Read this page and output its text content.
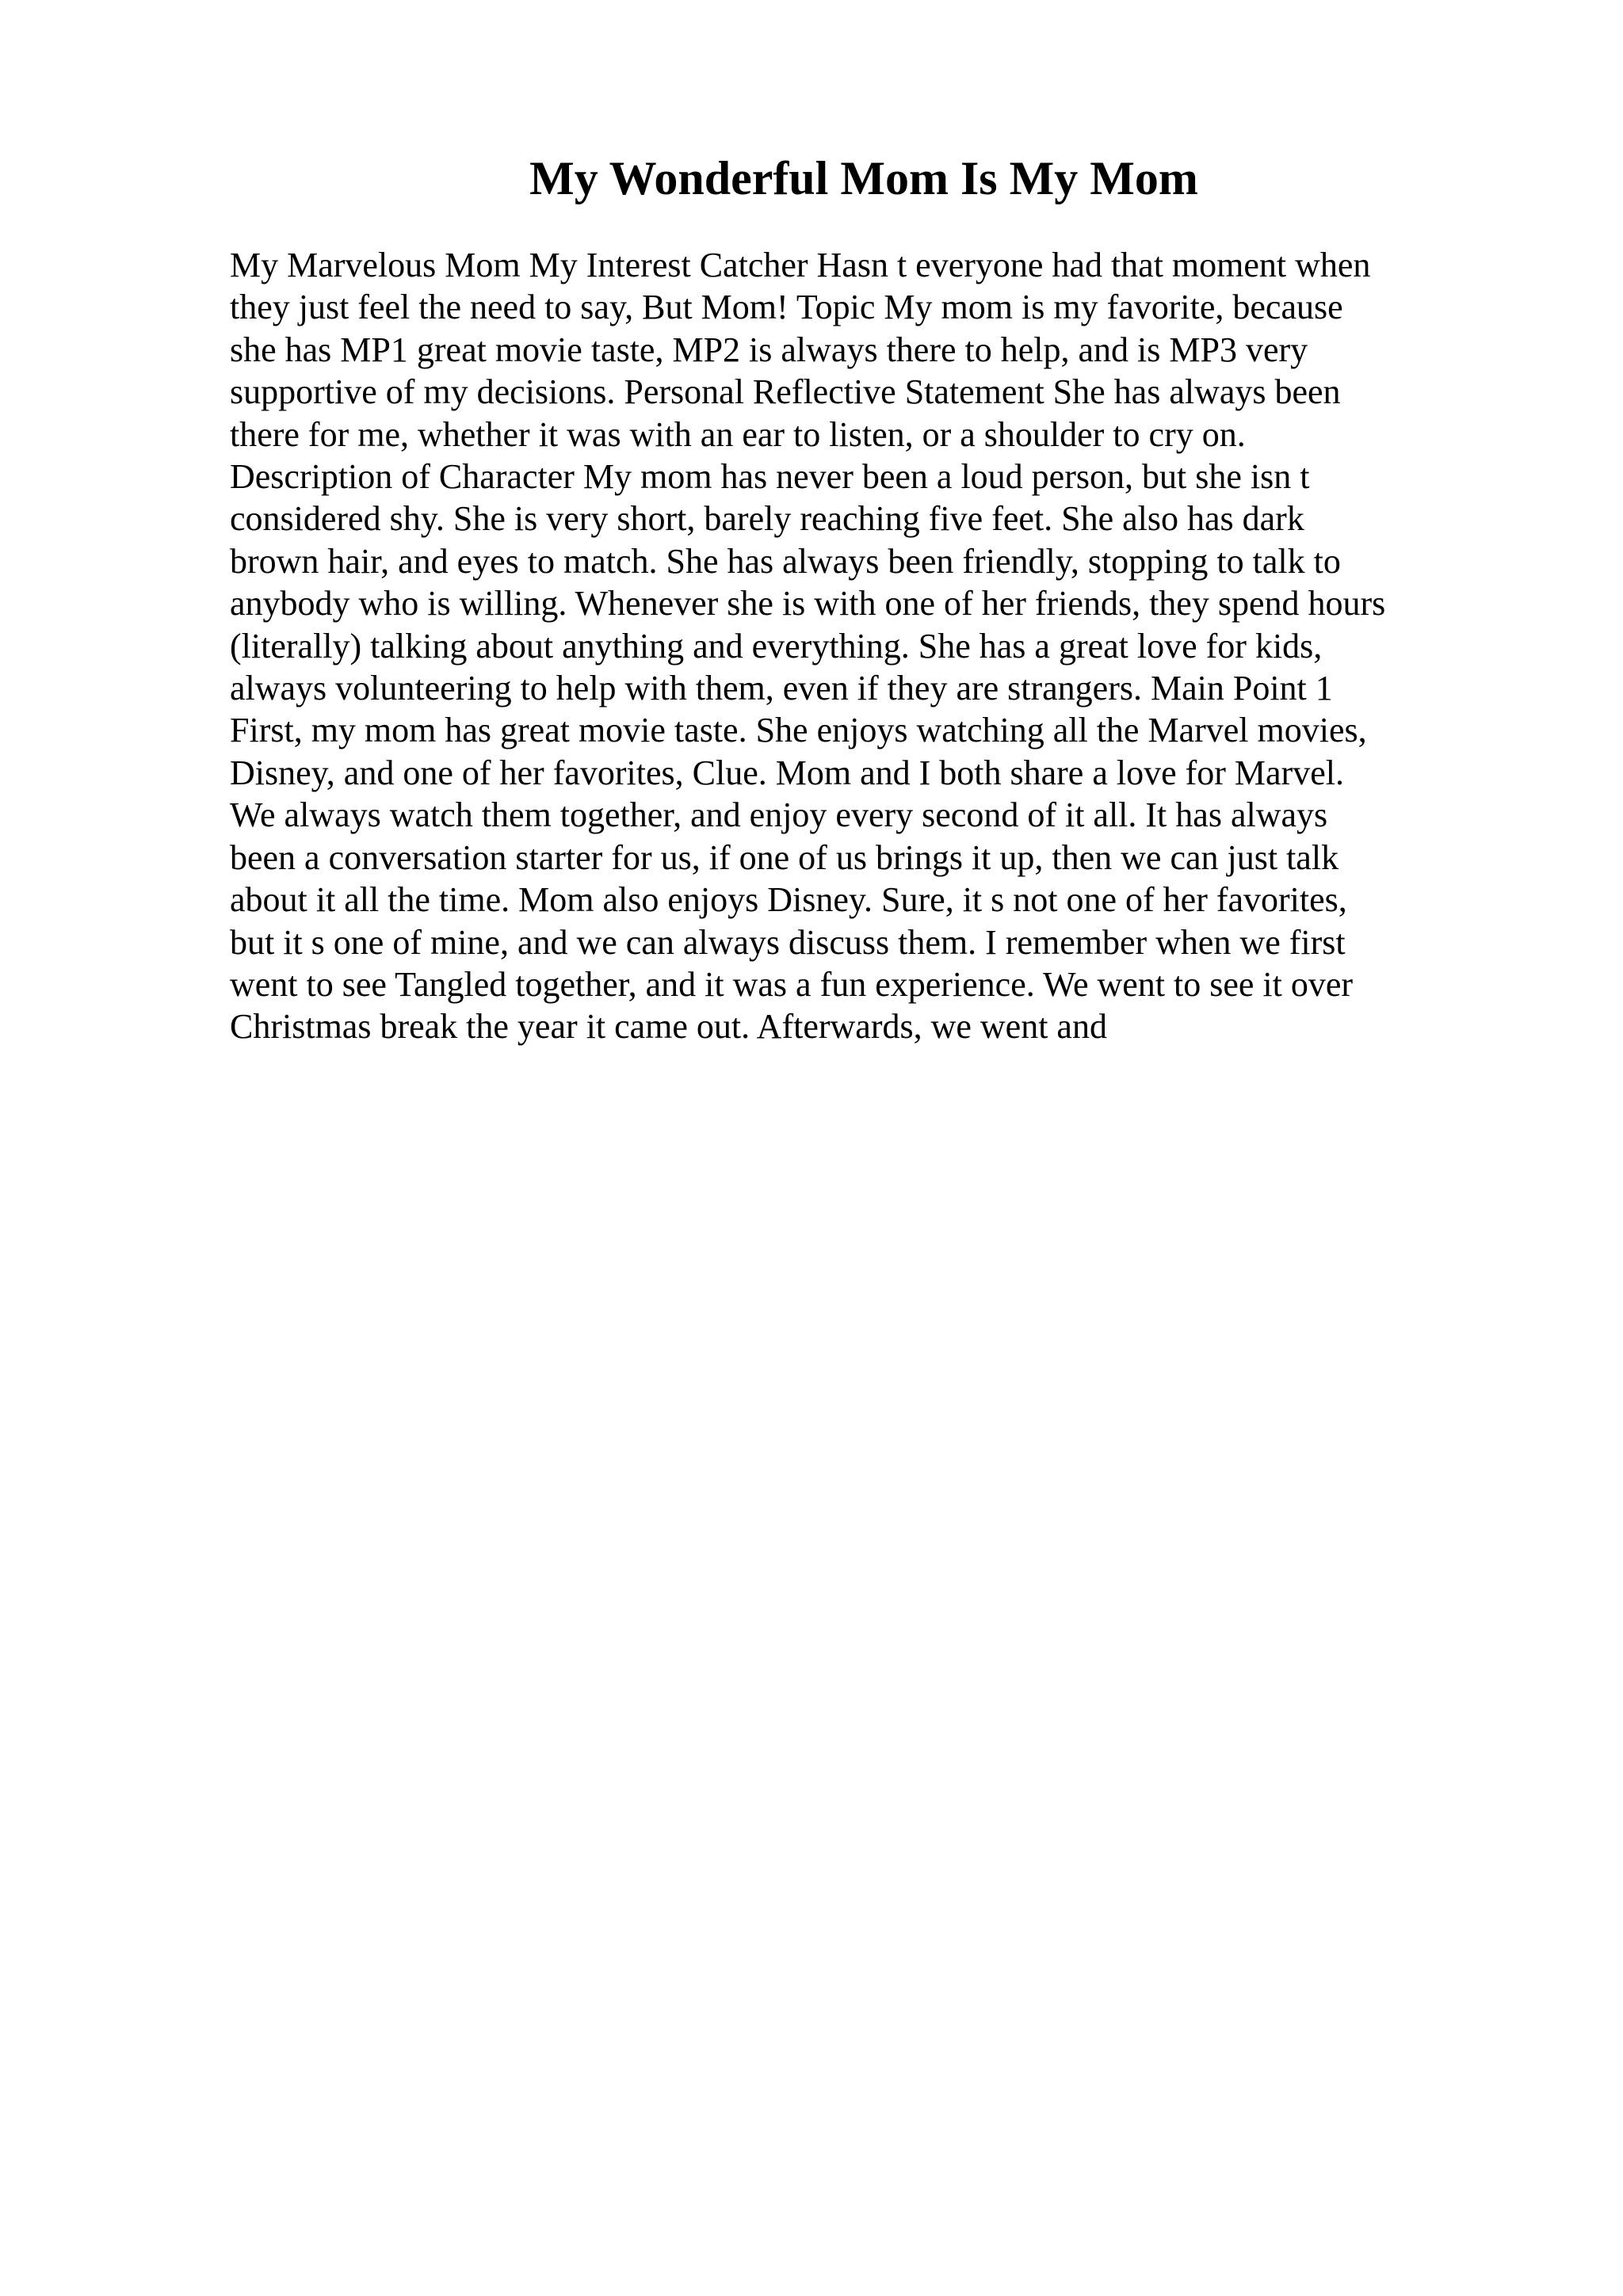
My Wonderful Mom Is My Mom
My Marvelous Mom My Interest Catcher Hasn t everyone had that moment when
they just feel the need to say, But Mom! Topic My mom is my favorite, because
she has MP1 great movie taste, MP2 is always there to help, and is MP3 very
supportive of my decisions. Personal Reflective Statement She has always been
there for me, whether it was with an ear to listen, or a shoulder to cry on.
Description of Character My mom has never been a loud person, but she isn t
considered shy. She is very short, barely reaching five feet. She also has dark
brown hair, and eyes to match. She has always been friendly, stopping to talk to
anybody who is willing. Whenever she is with one of her friends, they spend hours
(literally) talking about anything and everything. She has a great love for kids,
always volunteering to help with them, even if they are strangers. Main Point 1
First, my mom has great movie taste. She enjoys watching all the Marvel movies,
Disney, and one of her favorites, Clue. Mom and I both share a love for Marvel.
We always watch them together, and enjoy every second of it all. It has always
been a conversation starter for us, if one of us brings it up, then we can just talk
about it all the time. Mom also enjoys Disney. Sure, it s not one of her favorites,
but it s one of mine, and we can always discuss them. I remember when we first
went to see Tangled together, and it was a fun experience. We went to see it over
Christmas break the year it came out. Afterwards, we went and
